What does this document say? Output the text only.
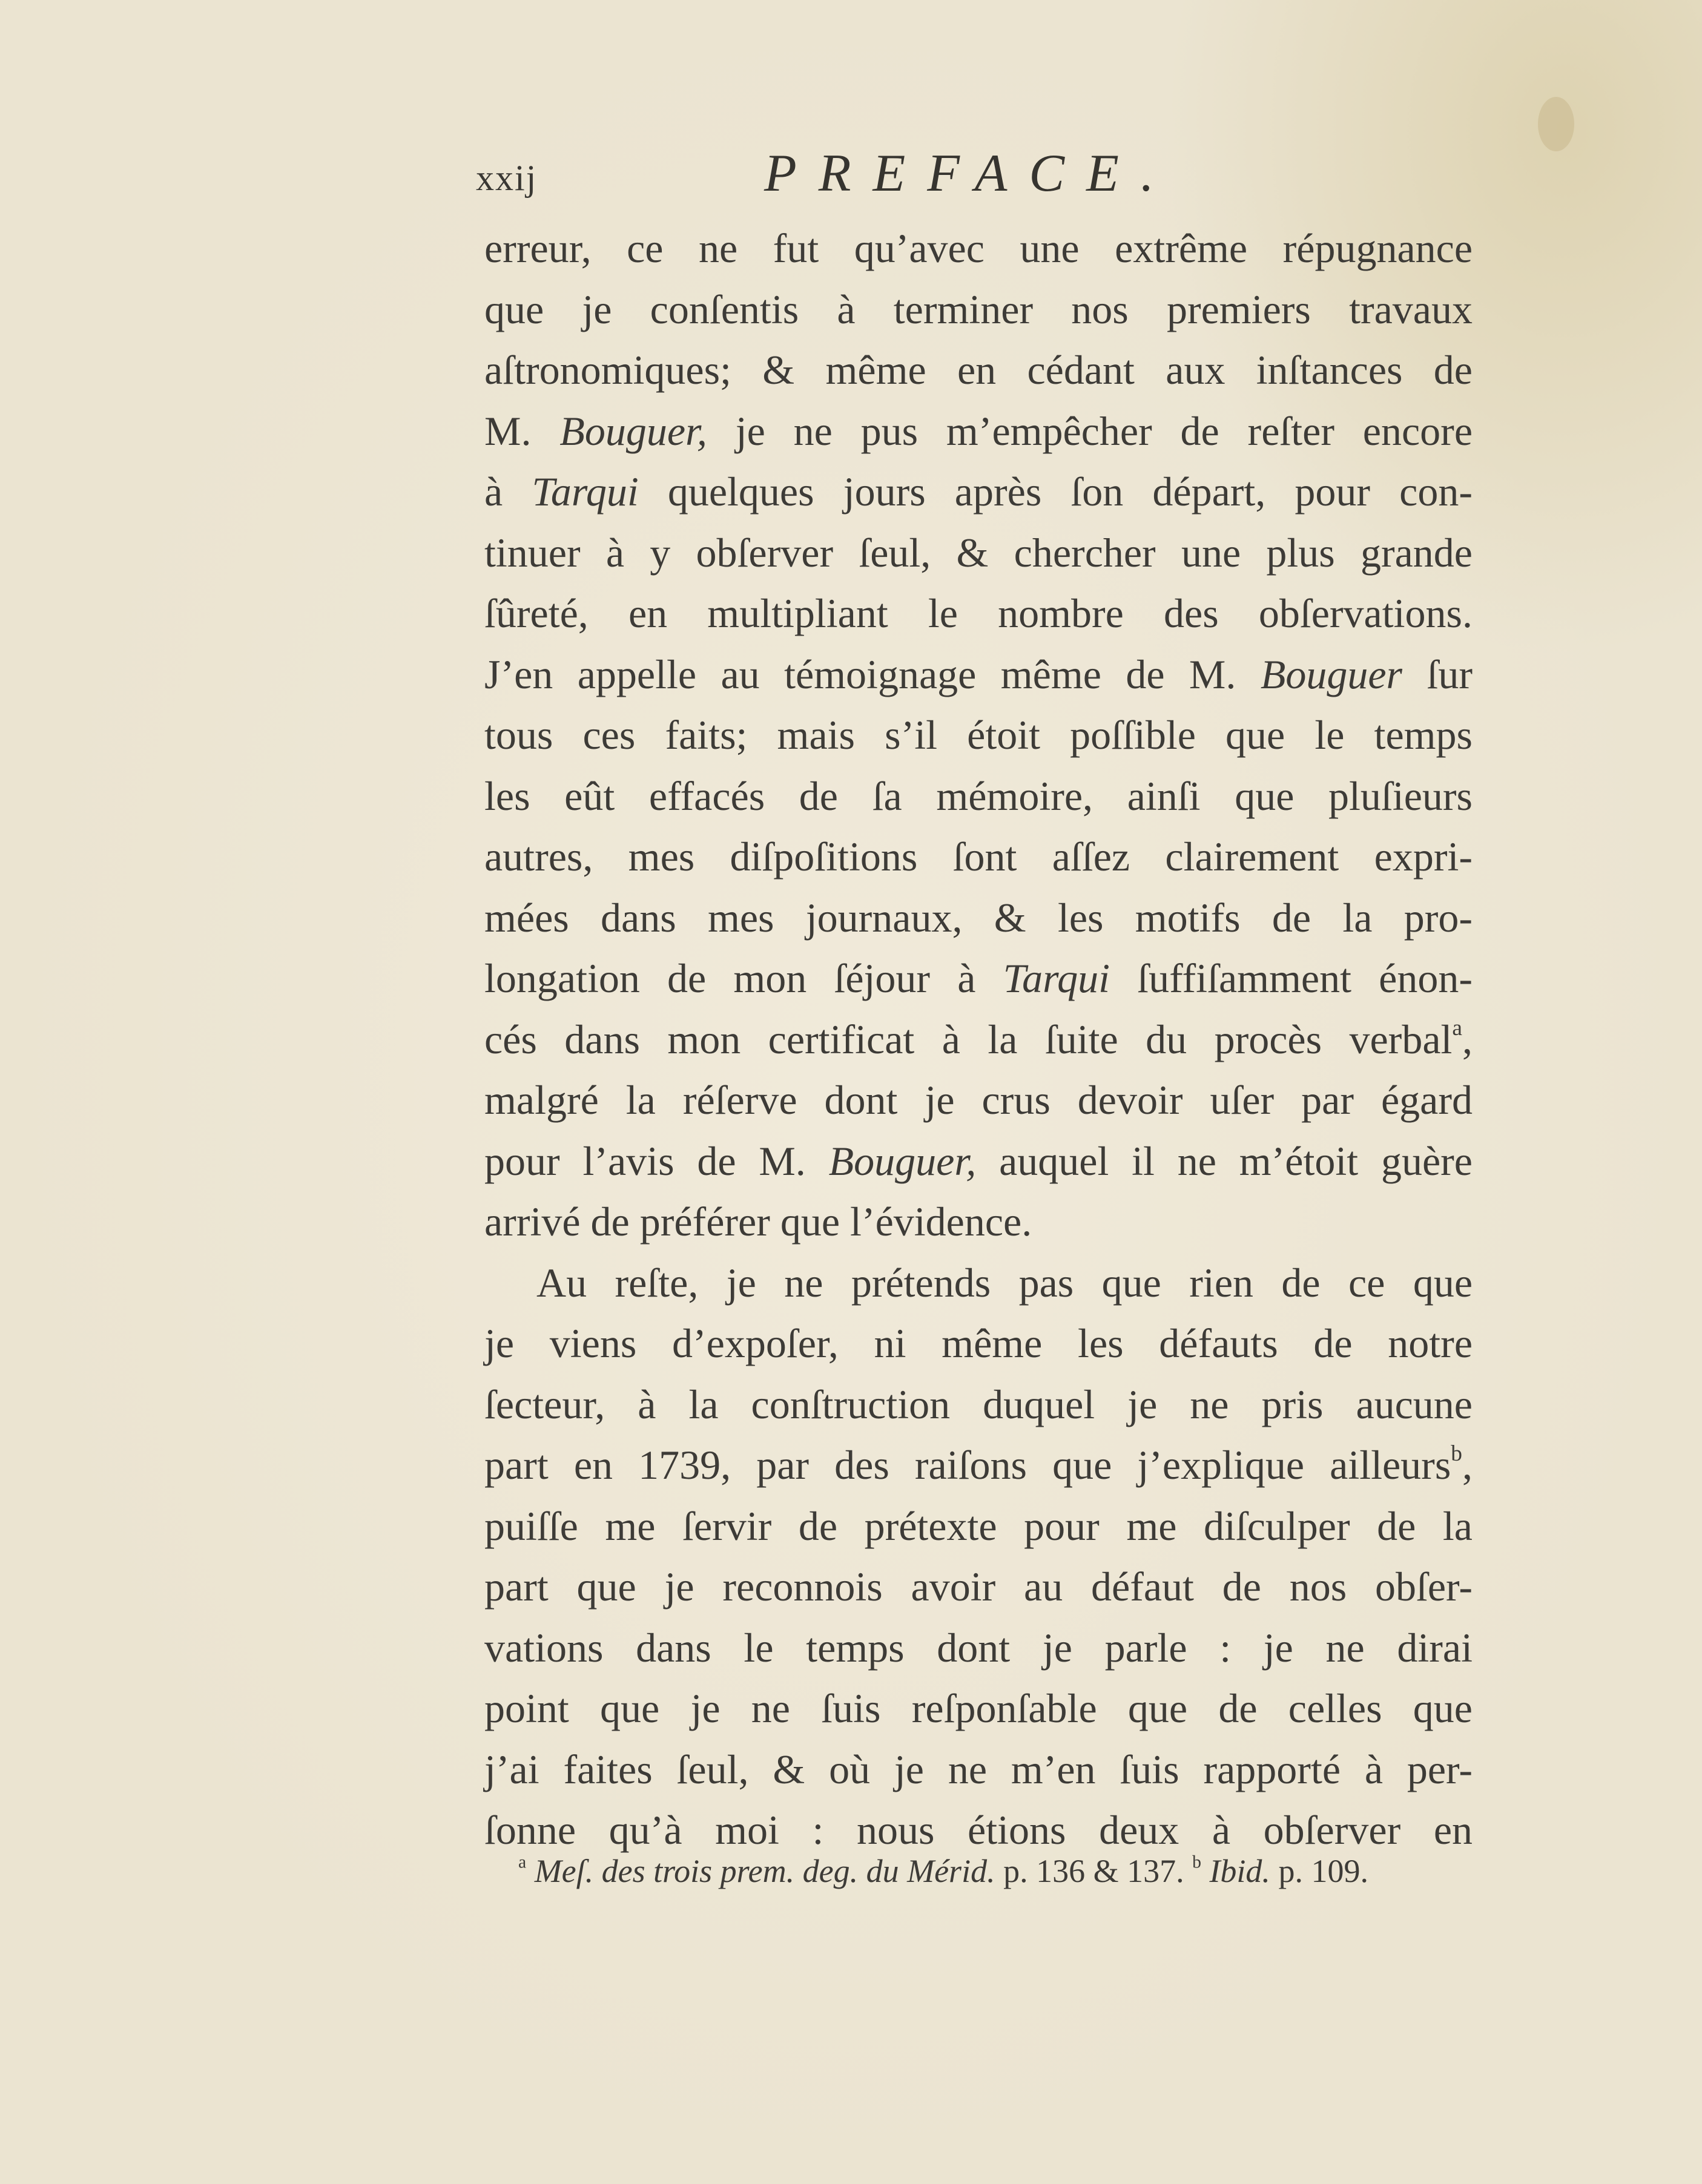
xxij	PREFACE.
erreur, ce ne fut qu’avec une extrême répugnance
que je conſentis à terminer nos premiers travaux
aſtronomiques; & même en cédant aux inſtances de
M. Bouguer, je ne pus m’empêcher de reſter encore
à Tarqui quelques jours après ſon départ, pour con-
tinuer à y obſerver ſeul, & chercher une plus grande
ſûreté, en multipliant le nombre des obſervations.
J’en appelle au témoignage même de M. Bouguer ſur
tous ces faits; mais s’il étoit poſſible que le temps
les eût effacés de ſa mémoire, ainſi que pluſieurs
autres, mes diſpoſitions ſont aſſez clairement expri-
mées dans mes journaux, & les motifs de la pro-
longation de mon ſéjour à Tarqui ſuffiſamment énon-
cés dans mon certificat à la ſuite du procès verbal$^a$,
malgré la réſerve dont je crus devoir uſer par égard
pour l’avis de M. Bouguer, auquel il ne m’étoit guère
arrivé de préférer que l’évidence.
Au reſte, je ne prétends pas que rien de ce que
je viens d’expoſer, ni même les défauts de notre
ſecteur, à la conſtruction duquel je ne pris aucune
part en 1739, par des raiſons que j’explique ailleurs$^b$,
puiſſe me ſervir de prétexte pour me diſculper de la
part que je reconnois avoir au défaut de nos obſer-
vations dans le temps dont je parle : je ne dirai
point que je ne ſuis reſponſable que de celles que
j’ai faites ſeul, & où je ne m’en ſuis rapporté à per-
ſonne qu’à moi : nous étions deux à obſerver en
$^a$ Meſ. des trois prem. deg. du Mérid. p. 136 & 137. $^b$ Ibid. p. 109.
